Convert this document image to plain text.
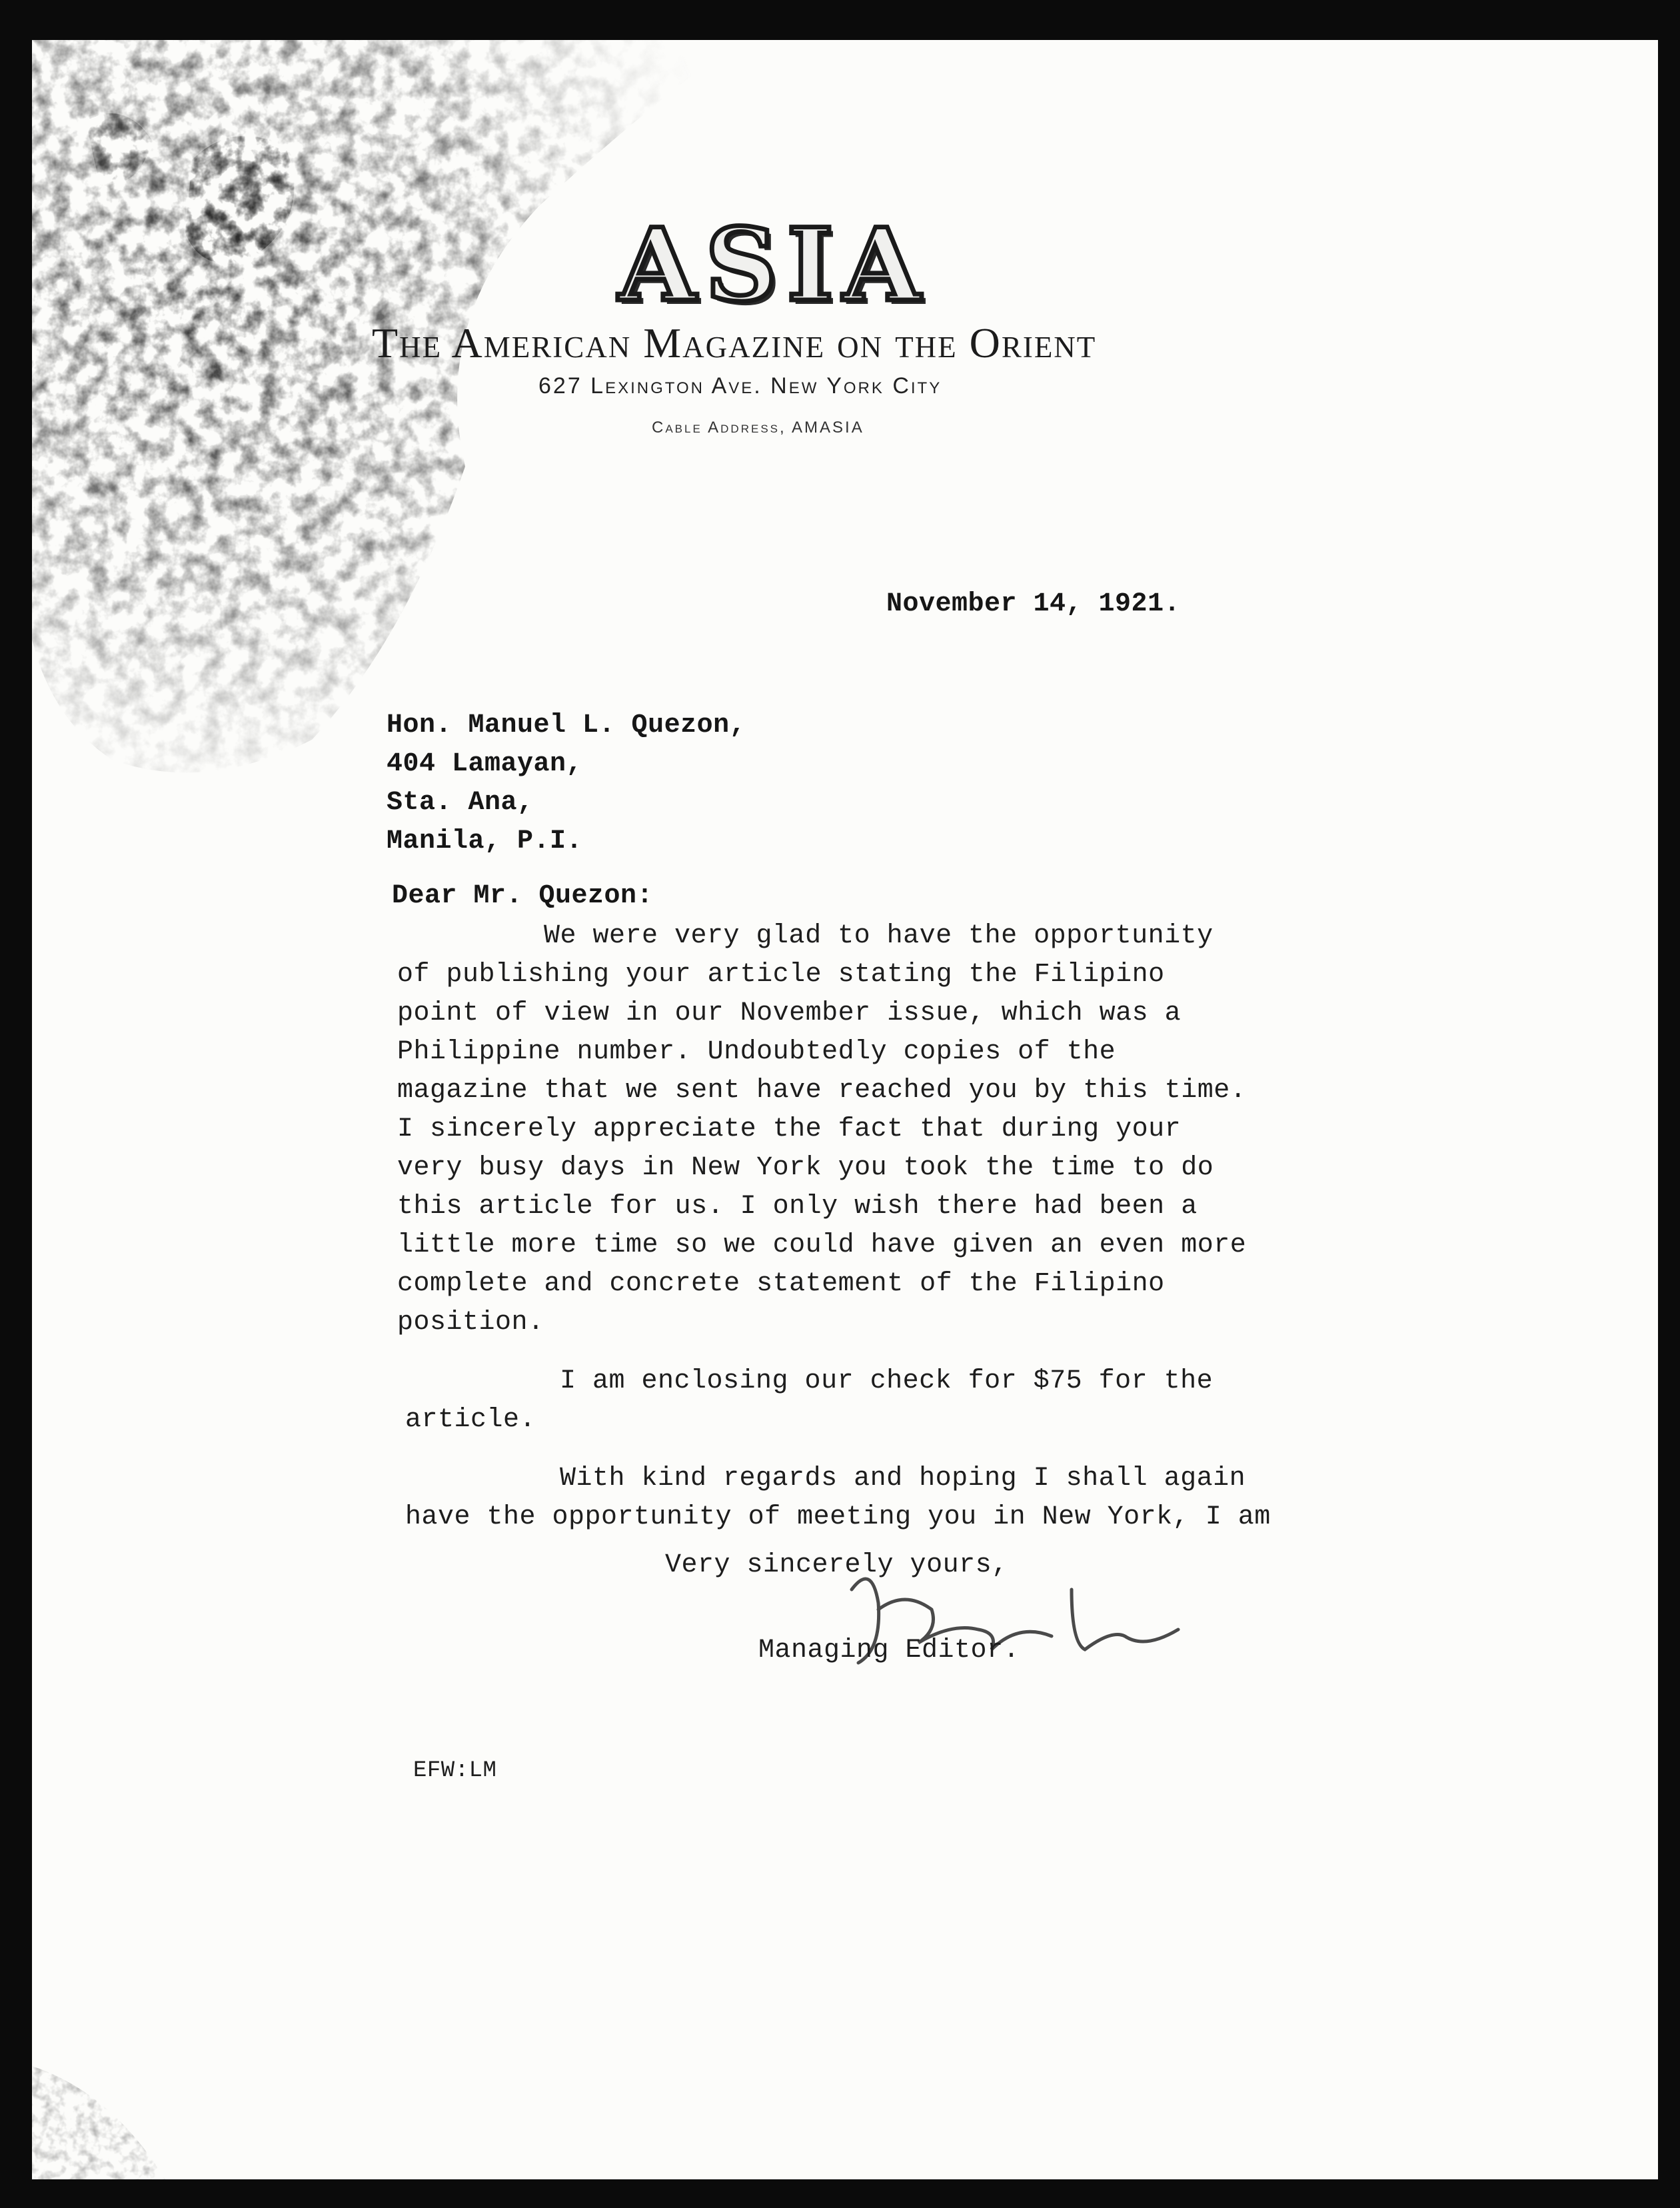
ASIA
The American Magazine on the Orient
627 Lexington Ave. New York City
Cable Address, AMASIA
November 14, 1921.
Hon. Manuel L. Quezon,
404 Lamayan,
Sta. Ana,
Manila, P.I.
Dear Mr. Quezon:
We were very glad to have the opportunity
of publishing your article stating the Filipino
point of view in our November issue, which was a
Philippine number. Undoubtedly copies of the
magazine that we sent have reached you by this time.
I sincerely appreciate the fact that during your
very busy days in New York you took the time to do
this article for us. I only wish there had been a
little more time so we could have given an even more
complete and concrete statement of the Filipino
position.
I am enclosing our check for $75 for the
article.
With kind regards and hoping I shall again
have the opportunity of meeting you in New York, I am
Very sincerely yours,
Managing Editor.
EFW:LM
